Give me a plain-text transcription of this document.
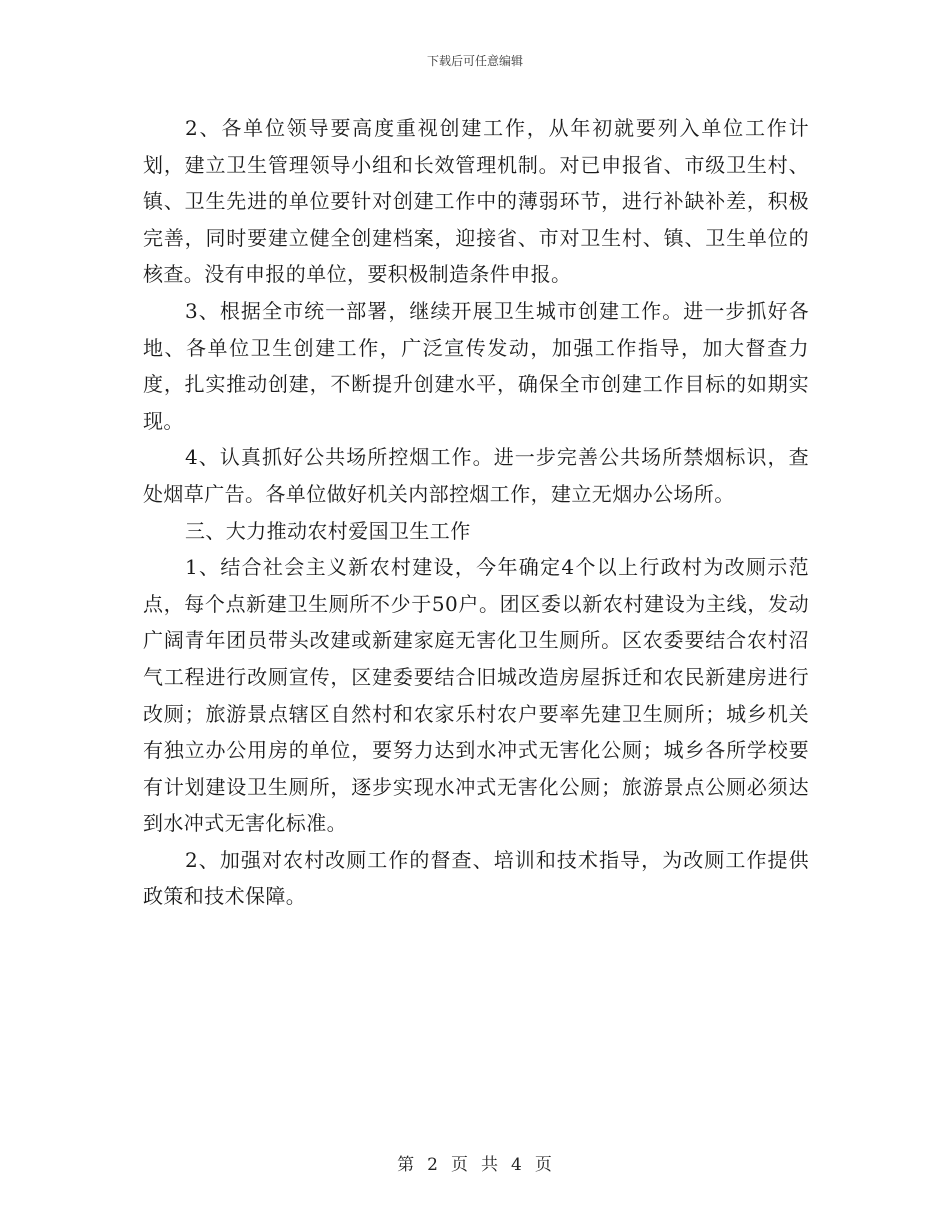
下载后可任意编辑

2、各单位领导要高度重视创建工作，从年初就要列入单位工作计划，建立卫生管理领导小组和长效管理机制。对已申报省、市级卫生村、镇、卫生先进的单位要针对创建工作中的薄弱环节，进行补缺补差，积极完善，同时要建立健全创建档案，迎接省、市对卫生村、镇、卫生单位的核查。没有申报的单位，要积极制造条件申报。

3、根据全市统一部署，继续开展卫生城市创建工作。进一步抓好各地、各单位卫生创建工作，广泛宣传发动，加强工作指导，加大督查力度，扎实推动创建，不断提升创建水平，确保全市创建工作目标的如期实现。

4、认真抓好公共场所控烟工作。进一步完善公共场所禁烟标识，查处烟草广告。各单位做好机关内部控烟工作，建立无烟办公场所。

三、大力推动农村爱国卫生工作

1、结合社会主义新农村建设，今年确定4个以上行政村为改厕示范点，每个点新建卫生厕所不少于50户。团区委以新农村建设为主线，发动广阔青年团员带头改建或新建家庭无害化卫生厕所。区农委要结合农村沼气工程进行改厕宣传，区建委要结合旧城改造房屋拆迁和农民新建房进行改厕；旅游景点辖区自然村和农家乐村农户要率先建卫生厕所；城乡机关有独立办公用房的单位，要努力达到水冲式无害化公厕；城乡各所学校要有计划建设卫生厕所，逐步实现水冲式无害化公厕；旅游景点公厕必须达到水冲式无害化标准。

2、加强对农村改厕工作的督查、培训和技术指导，为改厕工作提供政策和技术保障。

第 2 页 共 4 页
